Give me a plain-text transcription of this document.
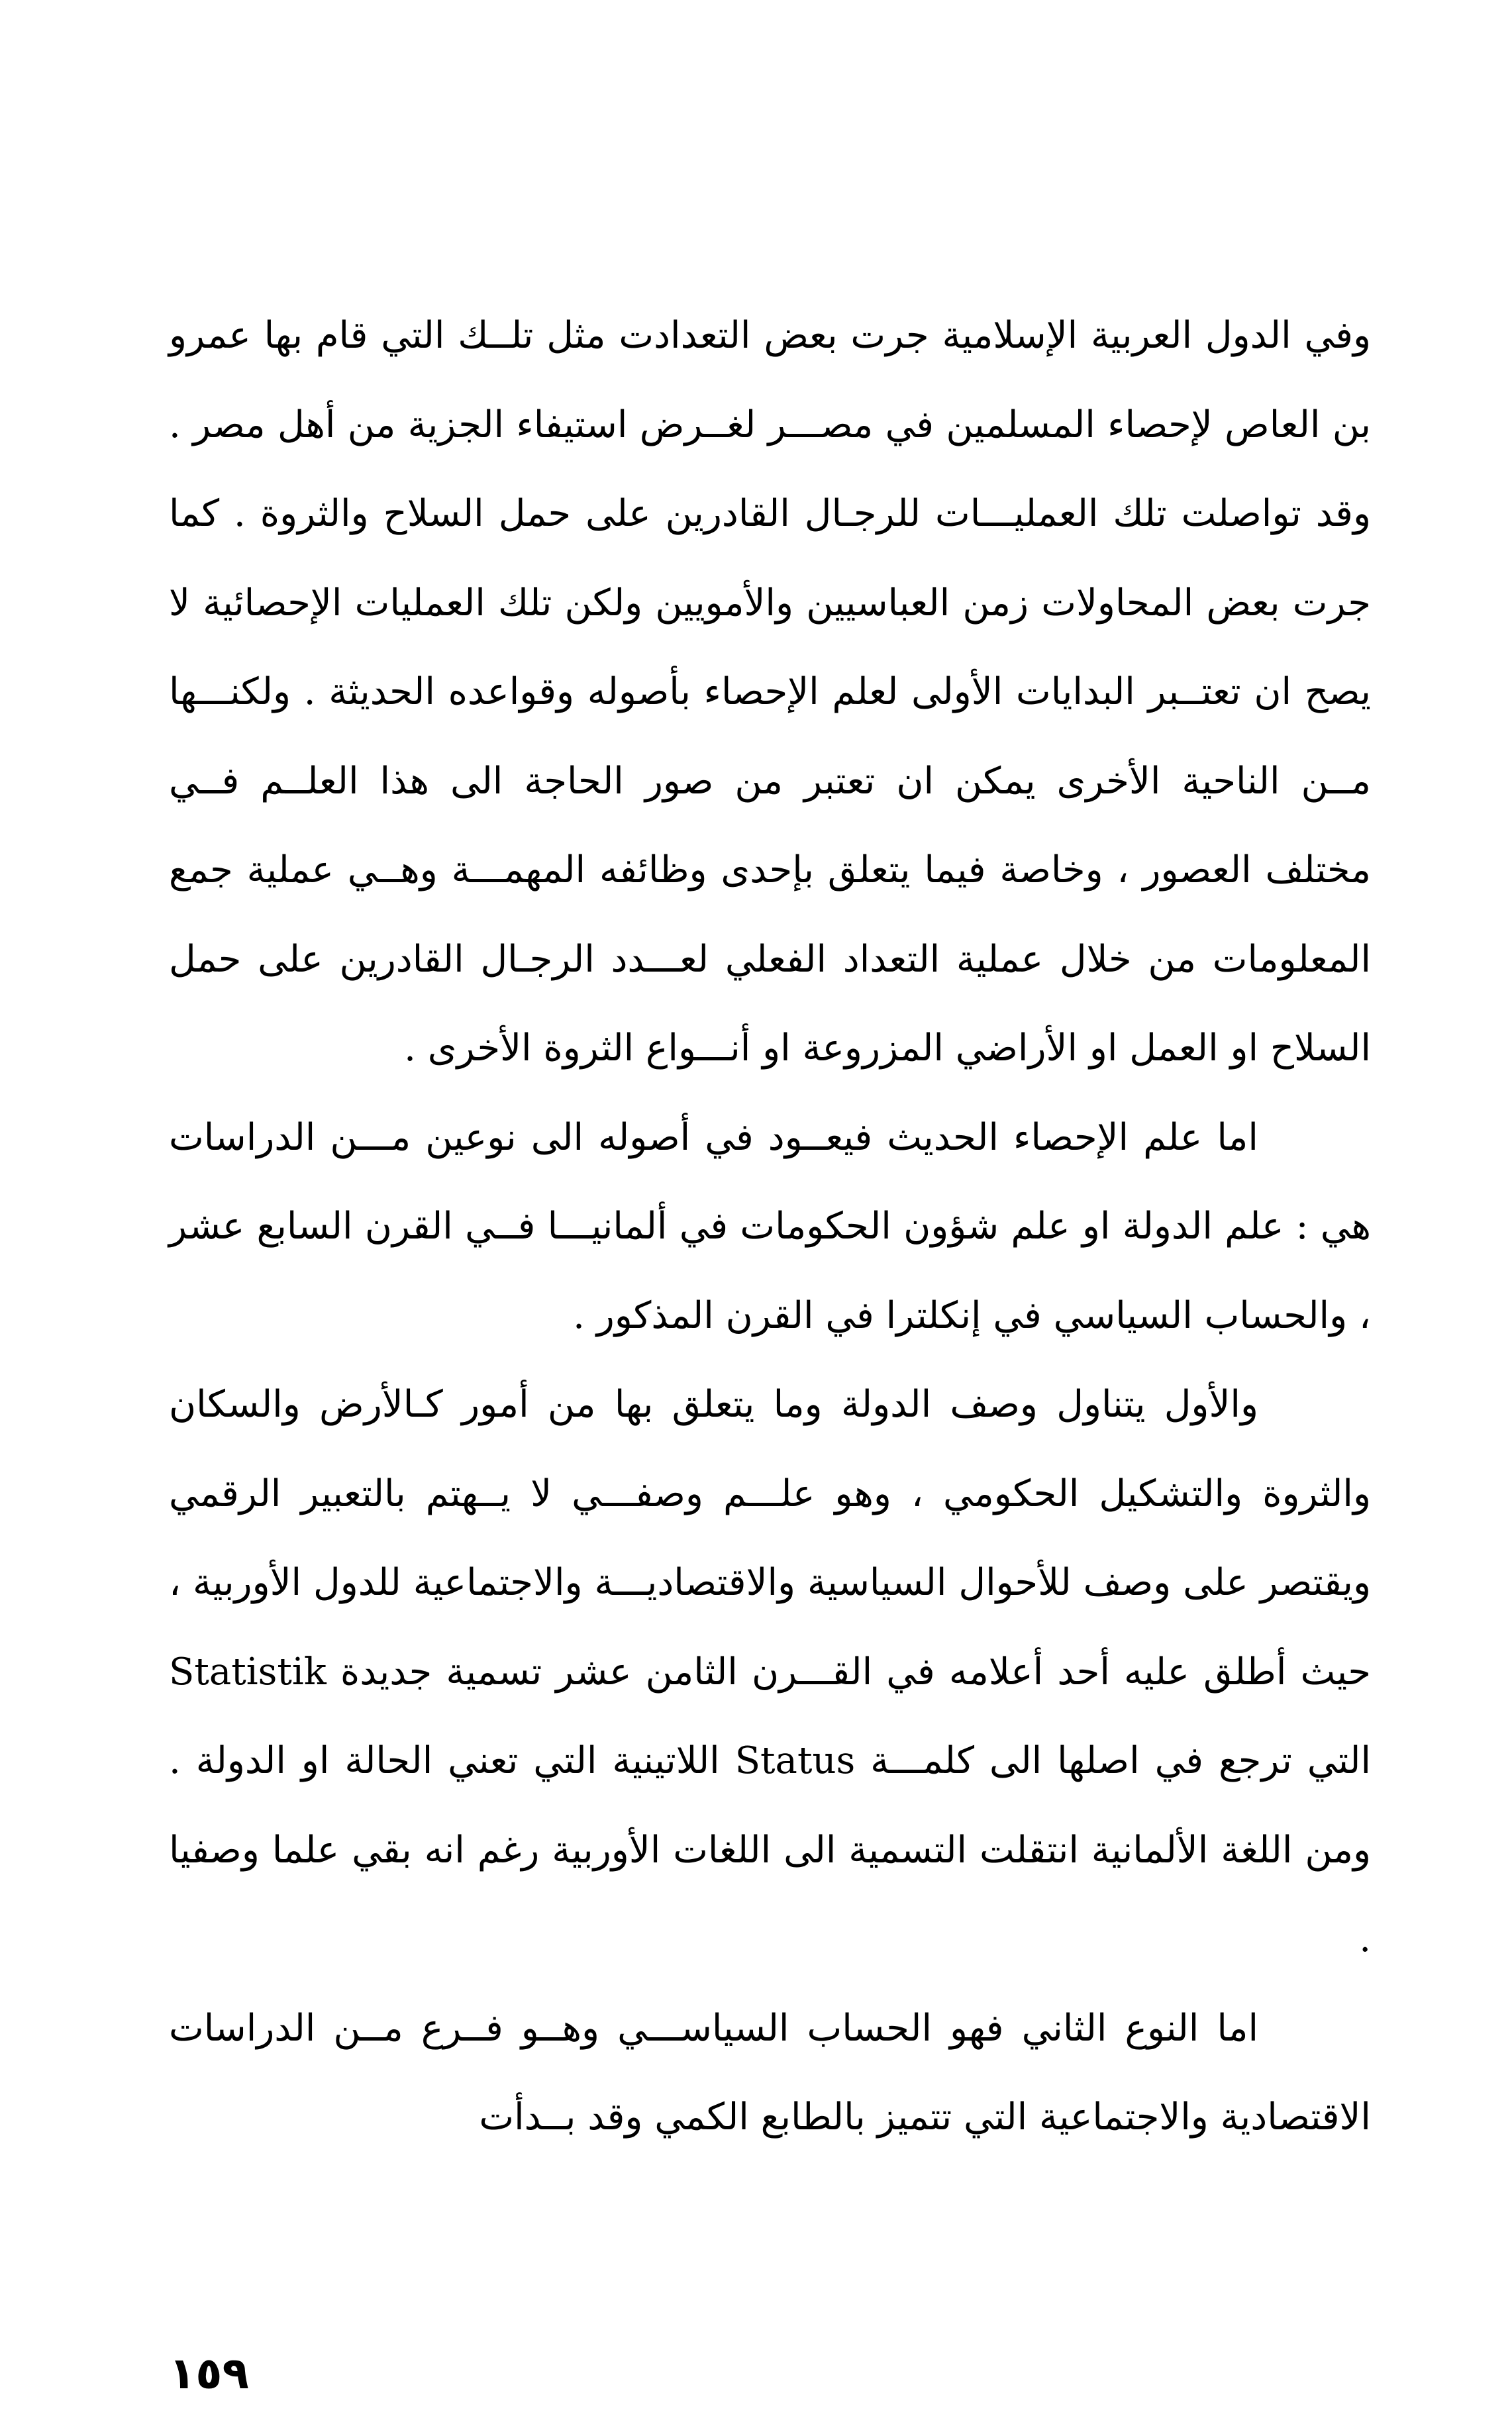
وفي الدول العربية الإسلامية جرت بعض التعدادت مثل تلــك التي قام بها عمرو بن العاص لإحصاء المسلمين في مصـــر لغــرض استيفاء الجزية من أهل مصر . وقد تواصلت تلك العمليـــات للرجـال القادرين على حمل السلاح والثروة . كما جرت بعض المحاولات زمن العباسيين والأمويين ولكن تلك العمليات الإحصائية لا يصح ان تعتــبر البدايات الأولى لعلم الإحصاء بأصوله وقواعده الحديثة . ولكنـــها مــن الناحية الأخرى يمكن ان تعتبر من صور الحاجة الى هذا العلــم فــي مختلف العصور ، وخاصة فيما يتعلق بإحدى وظائفه المهمـــة وهــي عملية جمع المعلومات من خلال عملية التعداد الفعلي لعـــدد الرجـال القادرين على حمل السلاح او العمل او الأراضي المزروعة او أنـــواع الثروة الأخرى .

اما علم الإحصاء الحديث فيعــود في أصوله الى نوعين مـــن الدراسات هي : علم الدولة او علم شؤون الحكومات في ألمانيـــا فــي القرن السابع عشر ، والحساب السياسي في إنكلترا في القرن المذكور .

والأول يتناول وصف الدولة وما يتعلق بها من أمور كـالأرض والسكان والثروة والتشكيل الحكومي ، وهو علـــم وصفـــي لا يــهتم بالتعبير الرقمي ويقتصر على وصف للأحوال السياسية والاقتصاديـــة والاجتماعية للدول الأوربية ، حيث أطلق عليه أحد أعلامه في القـــرن الثامن عشر تسمية جديدة Statistik التي ترجع في اصلها الى كلمـــة Status اللاتينية التي تعني الحالة او الدولة . ومن اللغة الألمانية انتقلت التسمية الى اللغات الأوربية رغم انه بقي علما وصفيا .

اما النوع الثاني فهو الحساب السياســـي وهــو فــرع مــن الدراسات الاقتصادية والاجتماعية التي تتميز بالطابع الكمي وقد بــدأت

١٥٩
